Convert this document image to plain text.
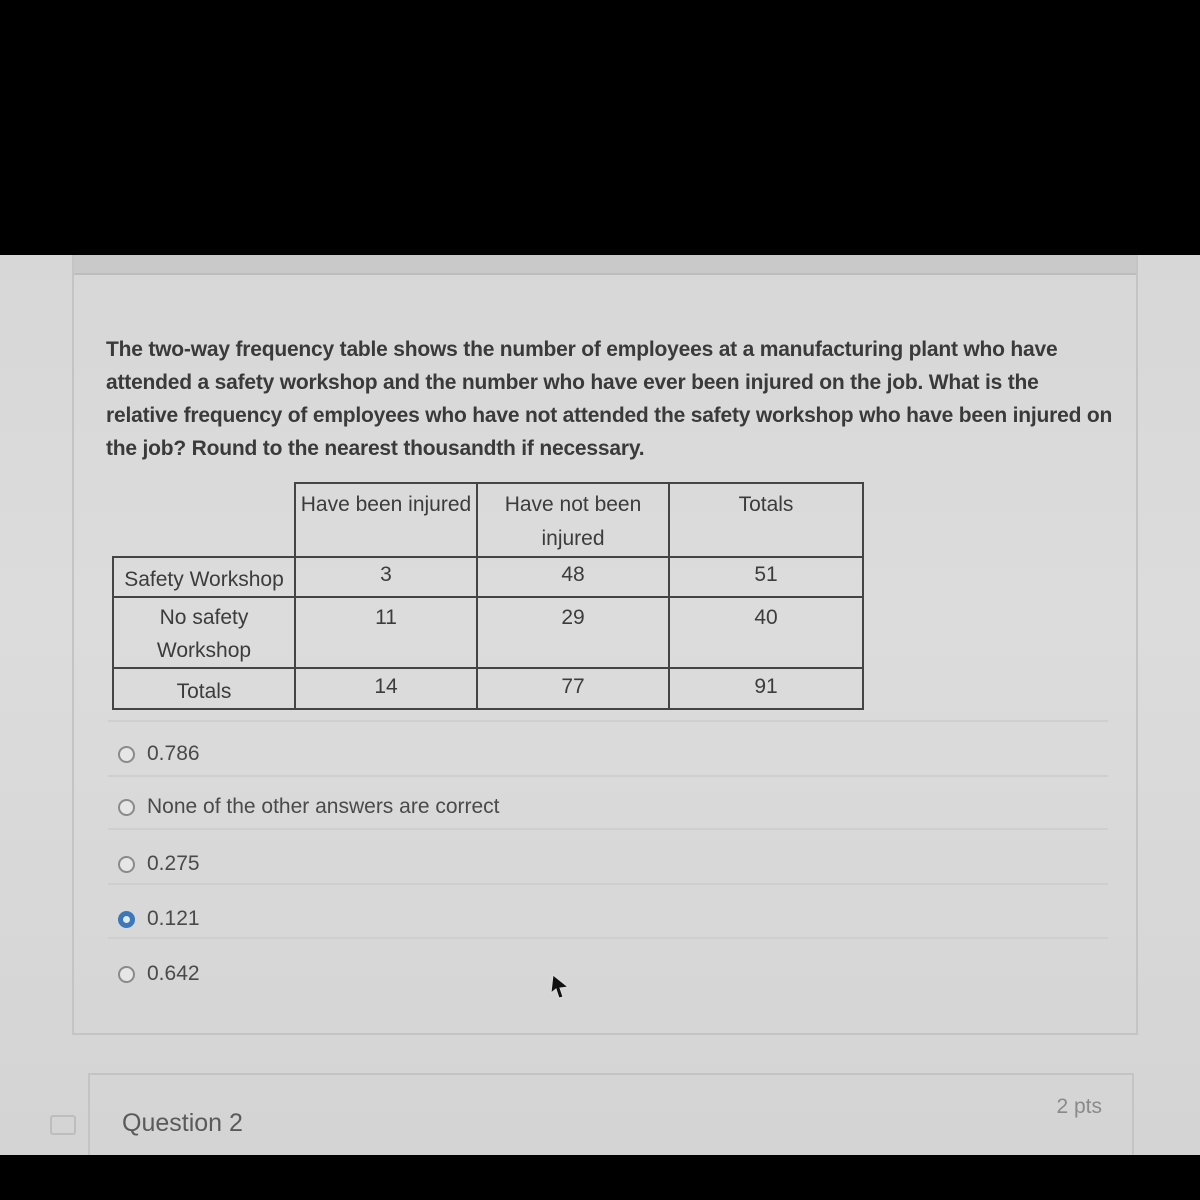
The two-way frequency table shows the number of employees at a manufacturing plant who have attended a safety workshop and the number who have ever been injured on the job. What is the relative frequency of employees who have not attended the safety workshop who have been injured on the job? Round to the nearest thousandth if necessary.
	Have been injured	Have not been injured	Totals
Safety Workshop	3	48	51
No safety Workshop	11	29	40
Totals	14	77	91
0.786
None of the other answers are correct
0.275
0.121
0.642
Question 2
2 pts
